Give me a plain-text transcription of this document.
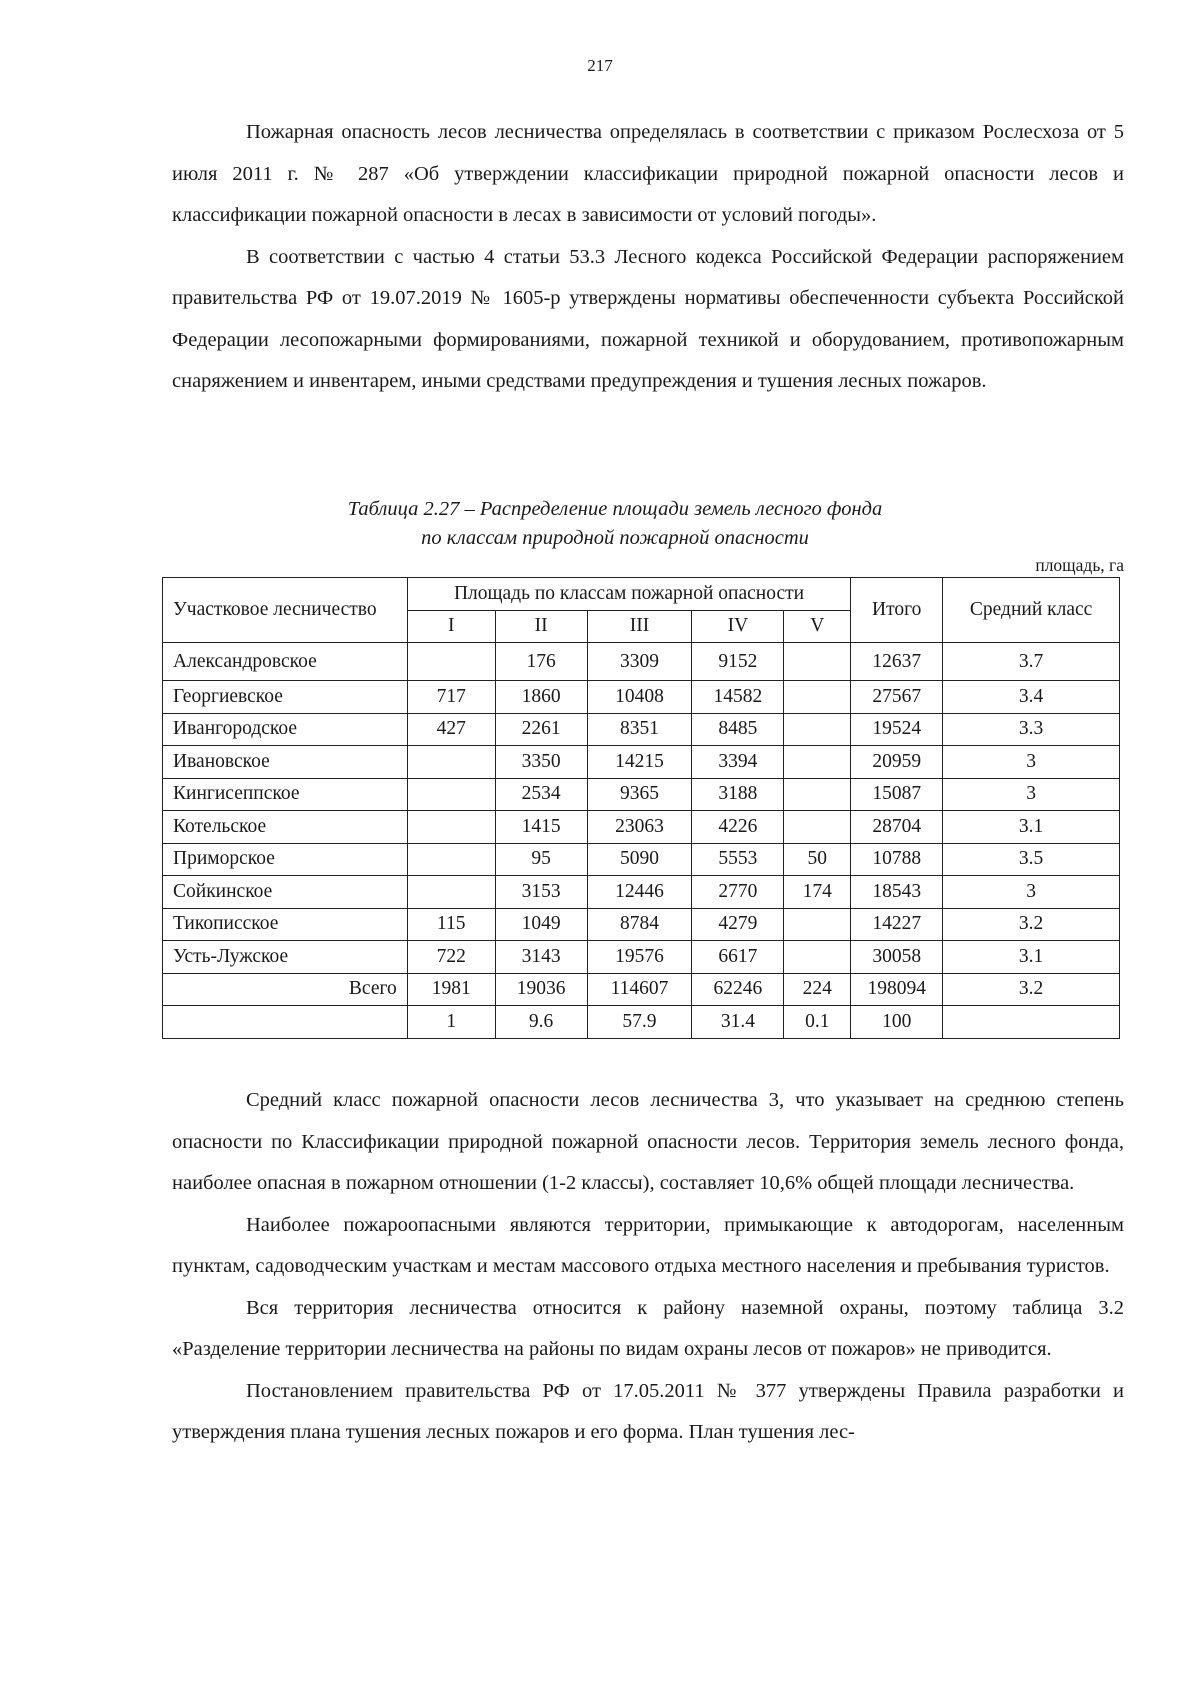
217

Пожарная опасность лесов лесничества определялась в соответствии с приказом Рослесхоза от 5 июля 2011 г. № 287 «Об утверждении классификации природной пожарной опасности лесов и классификации пожарной опасности в лесах в зависимости от условий погоды».

В соответствии с частью 4 статьи 53.3 Лесного кодекса Российской Федерации распоряжением правительства РФ от 19.07.2019 № 1605-р утверждены нормативы обеспеченности субъекта Российской Федерации лесопожарными формированиями, пожарной техникой и оборудованием, противопожарным снаряжением и инвентарем, иными средствами предупреждения и тушения лесных пожаров.

Таблица 2.27 – Распределение площади земель лесного фонда
по классам природной пожарной опасности
площадь, га
Участковое лесничество	Площадь по классам пожарной опасности					Итого	Средний класс
	I	II	III	IV	V		
Александровское		176	3309	9152		12637	3.7
Георгиевское	717	1860	10408	14582		27567	3.4
Ивангородское	427	2261	8351	8485		19524	3.3
Ивановское		3350	14215	3394		20959	3
Кингисеппское		2534	9365	3188		15087	3
Котельское		1415	23063	4226		28704	3.1
Приморское		95	5090	5553	50	10788	3.5
Сойкинское		3153	12446	2770	174	18543	3
Тикописское	115	1049	8784	4279		14227	3.2
Усть-Лужское	722	3143	19576	6617		30058	3.1
Всего	1981	19036	114607	62246	224	198094	3.2
	1	9.6	57.9	31.4	0.1	100	

Средний класс пожарной опасности лесов лесничества 3, что указывает на среднюю степень опасности по Классификации природной пожарной опасности лесов. Территория земель лесного фонда, наиболее опасная в пожарном отношении (1-2 классы), составляет 10,6% общей площади лесничества.

Наиболее пожароопасными являются территории, примыкающие к автодорогам, населенным пунктам, садоводческим участкам и местам массового отдыха местного населения и пребывания туристов.

Вся территория лесничества относится к району наземной охраны, поэтому таблица 3.2 «Разделение территории лесничества на районы по видам охраны лесов от пожаров» не приводится.

Постановлением правительства РФ от 17.05.2011 № 377 утверждены Правила разработки и утверждения плана тушения лесных пожаров и его форма. План тушения лес-
